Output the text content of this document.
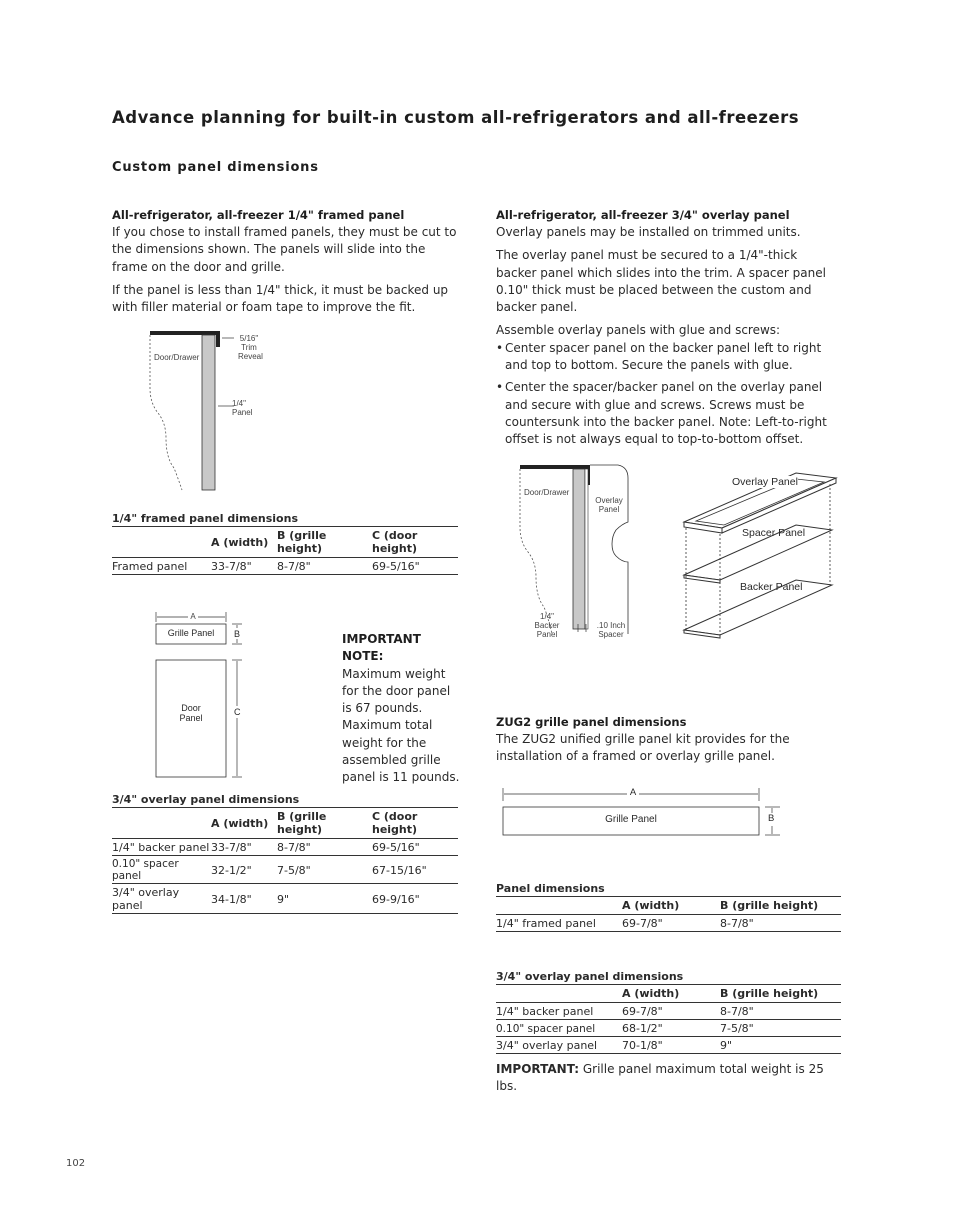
Advance planning for built-in custom all-refrigerators and all-freezers
Custom panel dimensions
All-refrigerator, all-freezer 1/4" framed panel

If you chose to install framed panels, they must be cut to the dimensions shown. The panels will slide into the frame on the door and grille.

If the panel is less than 1/4" thick, it must be backed up with filler material or foam tape to improve the fit.

Door/Drawer
5/16"
Trim
Reveal
1/4"
Panel
1/4" framed panel dimensions			
	A (width)	B (grille height)	C (door height)
Framed panel	33-7/8"	8-7/8"	69-5/16"
A
Grille Panel	B
Door
Panel
C
IMPORTANT NOTE:

Maximum weight for the door panel is 67 pounds. Maximum total weight for the assembled grille panel is 11 pounds.

3/4" overlay panel dimensions			
	A (width)	B (grille height)	C (door height)
1/4" backer panel	33-7/8"	8-7/8"	69-5/16"
0.10" spacer panel	32-1/2"	7-5/8"	67-15/16"
3/4" overlay panel	34-1/8"	9"	69-9/16"
All-refrigerator, all-freezer 3/4" overlay panel

Overlay panels may be installed on trimmed units.

The overlay panel must be secured to a 1/4"-thick backer panel which slides into the trim. A spacer panel 0.10" thick must be placed between the custom and backer panel.

Assemble overlay panels with glue and screws:

• Center spacer panel on the backer panel left to right and top to bottom. Secure the panels with glue.
• Center the spacer/backer panel on the overlay panel and secure with glue and screws. Screws must be countersunk into the backer panel. Note: Left-to-right offset is not always equal to top-to-bottom offset.
Door/Drawer
Overlay
Panel
1/4"
Backer
Panel
.10 Inch
Spacer
Overlay Panel
Spacer Panel
Backer Panel
ZUG2 grille panel dimensions

The ZUG2 unified grille panel kit provides for the installation of a framed or overlay grille panel.

A
Grille Panel	B
Panel dimensions		
	A (width)	B (grille height)
1/4" framed panel	69-7/8"	8-7/8"
3/4" overlay panel dimensions		
	A (width)	B (grille height)
1/4" backer panel	69-7/8"	8-7/8"
0.10" spacer panel	68-1/2"	7-5/8"
3/4" overlay panel	70-1/8"	9"
IMPORTANT: Grille panel maximum total weight is 25 lbs.
102
